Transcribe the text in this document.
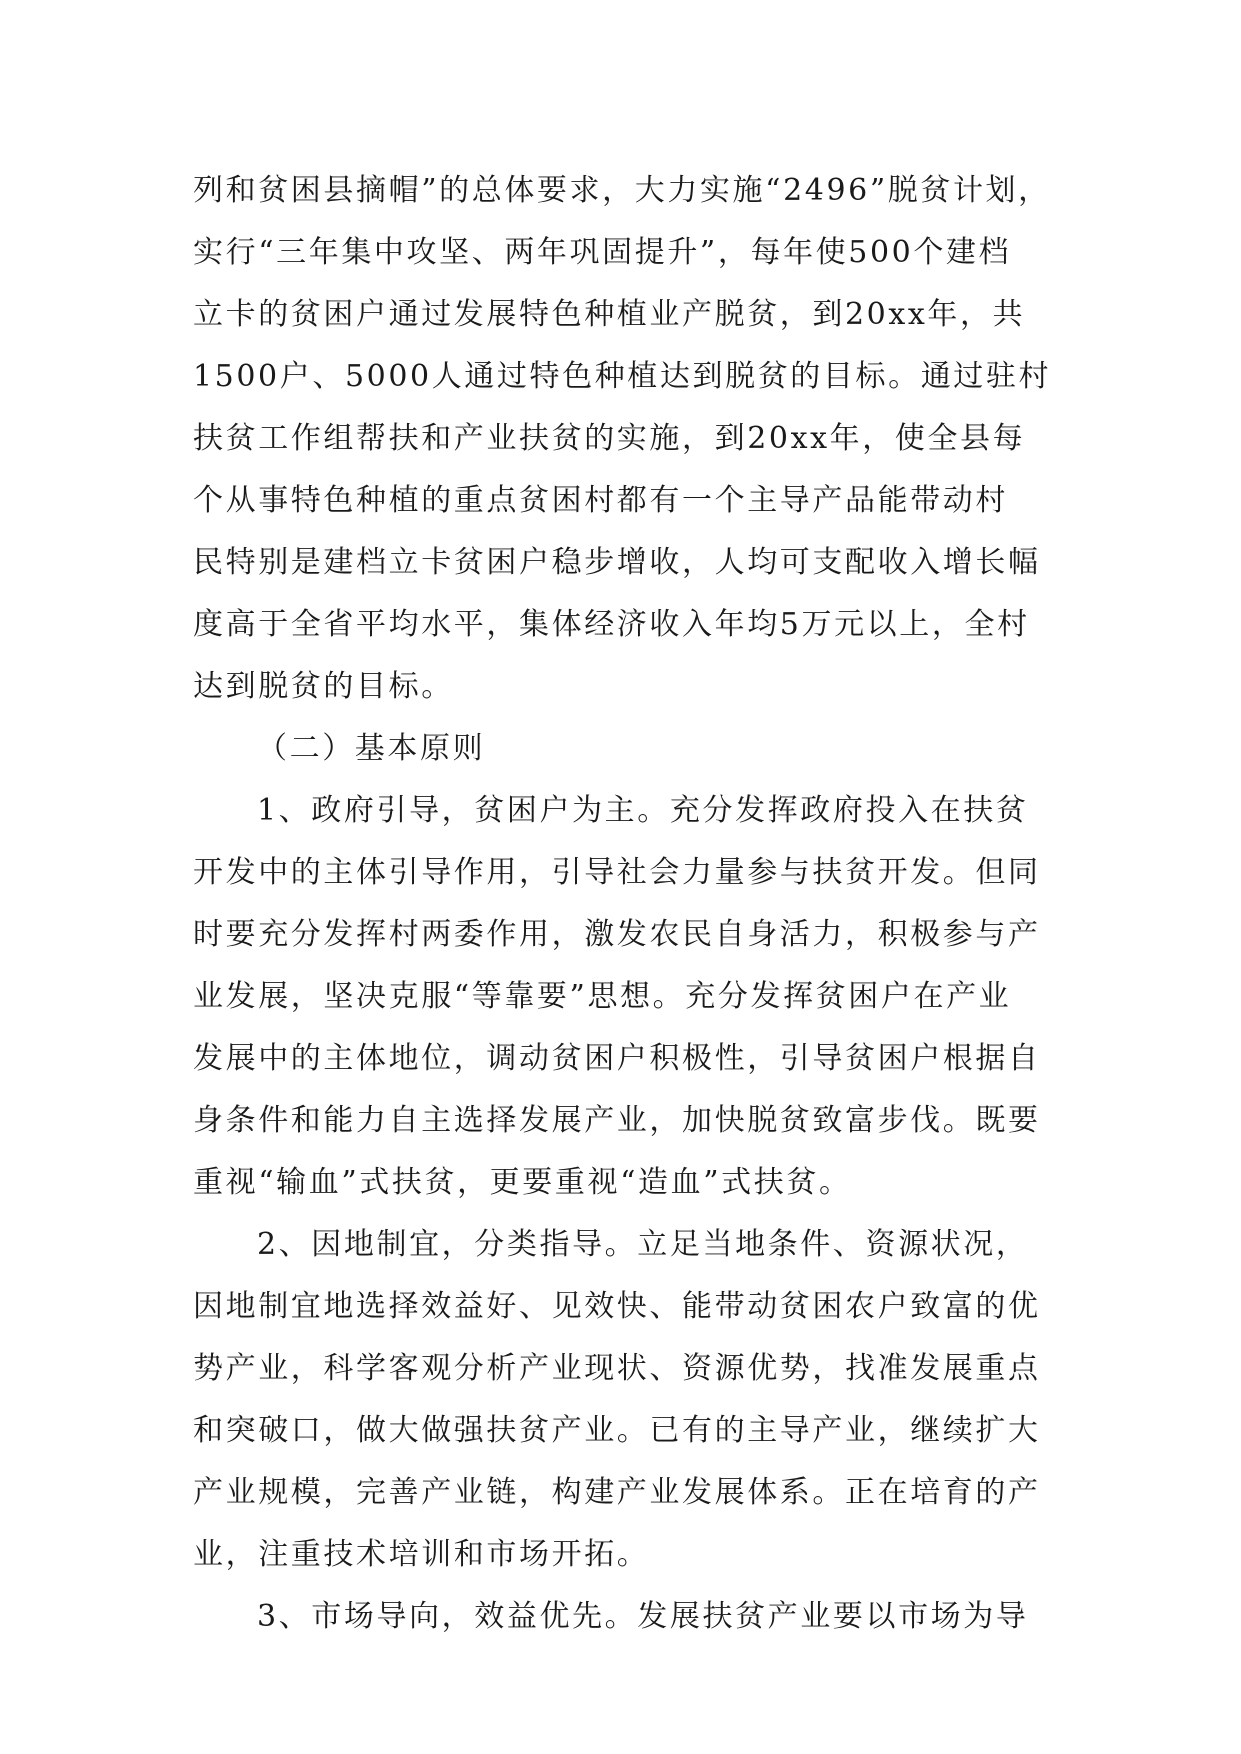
列和贫困县摘帽”的总体要求，大力实施“2496”脱贫计划，
实行“三年集中攻坚、两年巩固提升”，每年使500个建档
立卡的贫困户通过发展特色种植业产脱贫，到20xx年，共
1500户、5000人通过特色种植达到脱贫的目标。通过驻村
扶贫工作组帮扶和产业扶贫的实施，到20xx年，使全县每
个从事特色种植的重点贫困村都有一个主导产品能带动村
民特别是建档立卡贫困户稳步增收，人均可支配收入增长幅
度高于全省平均水平，集体经济收入年均5万元以上，全村
达到脱贫的目标。
（二）基本原则
1、政府引导，贫困户为主。充分发挥政府投入在扶贫
开发中的主体引导作用，引导社会力量参与扶贫开发。但同
时要充分发挥村两委作用，激发农民自身活力，积极参与产
业发展，坚决克服“等靠要”思想。充分发挥贫困户在产业
发展中的主体地位，调动贫困户积极性，引导贫困户根据自
身条件和能力自主选择发展产业，加快脱贫致富步伐。既要
重视“输血”式扶贫，更要重视“造血”式扶贫。
2、因地制宜，分类指导。立足当地条件、资源状况，
因地制宜地选择效益好、见效快、能带动贫困农户致富的优
势产业，科学客观分析产业现状、资源优势，找准发展重点
和突破口，做大做强扶贫产业。已有的主导产业，继续扩大
产业规模，完善产业链，构建产业发展体系。正在培育的产
业，注重技术培训和市场开拓。
3、市场导向，效益优先。发展扶贫产业要以市场为导
